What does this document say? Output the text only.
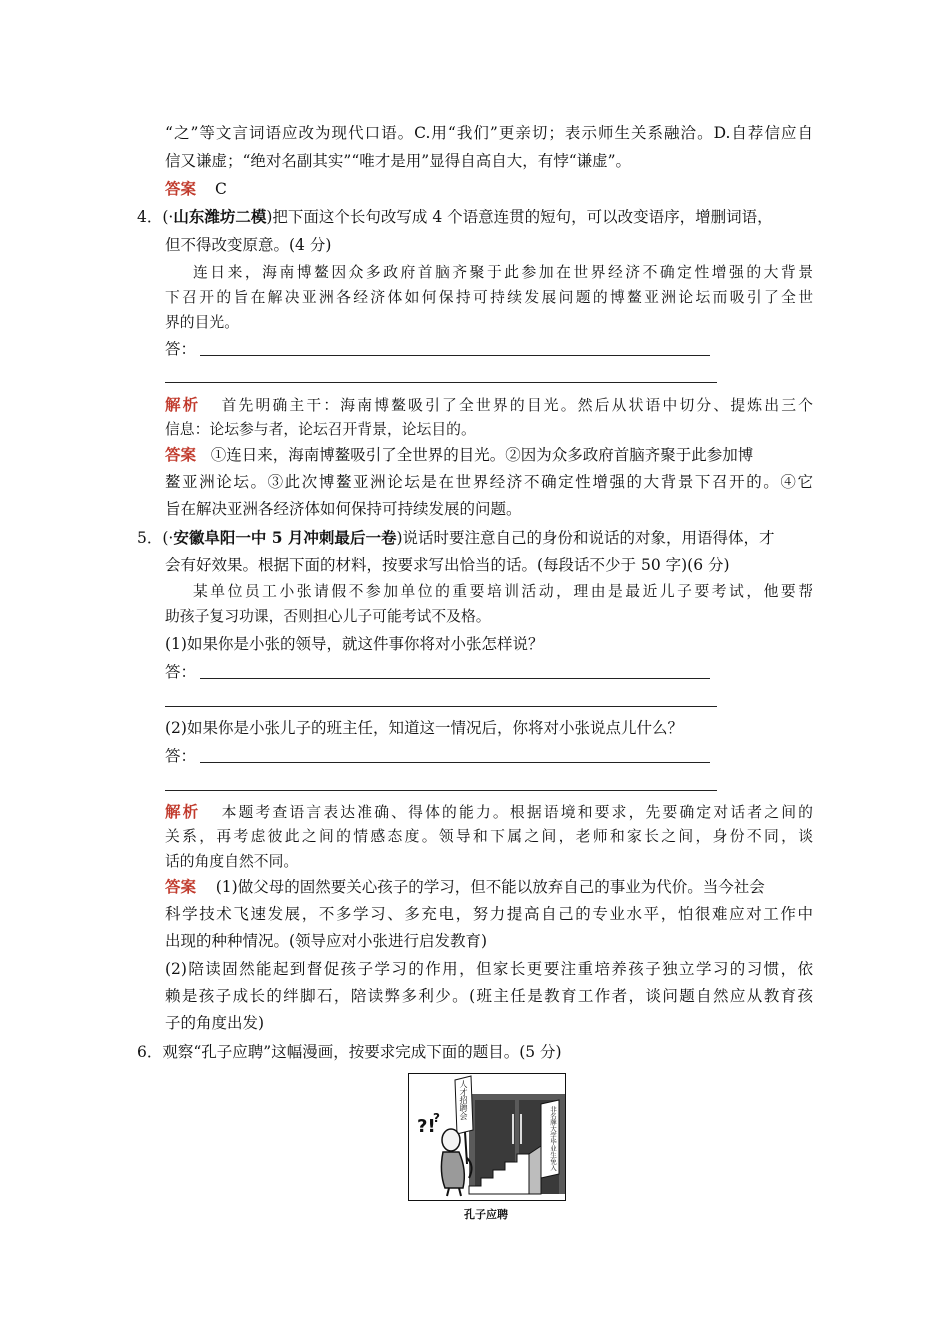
“之”等文言词语应改为现代口语。C.用“我们”更亲切；表示师生关系融洽。D.自荐信应自
信又谦虚；“绝对名副其实”“唯才是用”显得自高自大，有悖“谦虚”。
答案 C
4．(·山东潍坊二模)把下面这个长句改写成 4 个语意连贯的短句，可以改变语序，增删词语，
但不得改变原意。(4 分)
连日来，海南博鳌因众多政府首脑齐聚于此参加在世界经济不确定性增强的大背景
下召开的旨在解决亚洲各经济体如何保持可持续发展问题的博鳌亚洲论坛而吸引了全世
界的目光。
答：
解析 首先明确主干：海南博鳌吸引了全世界的目光。然后从状语中切分、提炼出三个
信息：论坛参与者，论坛召开背景，论坛目的。
答案 ①连日来，海南博鳌吸引了全世界的目光。②因为众多政府首脑齐聚于此参加博
鳌亚洲论坛。③此次博鳌亚洲论坛是在世界经济不确定性增强的大背景下召开的。④它
旨在解决亚洲各经济体如何保持可持续发展的问题。
5．(·安徽阜阳一中 5 月冲刺最后一卷)说话时要注意自己的身份和说话的对象，用语得体，才
会有好效果。根据下面的材料，按要求写出恰当的话。(每段话不少于 50 字)(6 分)
某单位员工小张请假不参加单位的重要培训活动，理由是最近儿子要考试，他要帮
助孩子复习功课，否则担心儿子可能考试不及格。
(1)如果你是小张的领导，就这件事你将对小张怎样说？
答：
(2)如果你是小张儿子的班主任，知道这一情况后，你将对小张说点儿什么？
答：
解析 本题考查语言表达准确、得体的能力。根据语境和要求，先要确定对话者之间的
关系，再考虑彼此之间的情感态度。领导和下属之间，老师和家长之间，身份不同，谈
话的角度自然不同。
答案 (1)做父母的固然要关心孩子的学习，但不能以放弃自己的事业为代价。当今社会
科学技术飞速发展，不多学习、多充电，努力提高自己的专业水平，怕很难应对工作中
出现的种种情况。(领导应对小张进行启发教育)
(2)陪读固然能起到督促孩子学习的作用，但家长更要注重培养孩子独立学习的习惯，依
赖是孩子成长的绊脚石，陪读弊多利少。(班主任是教育工作者，谈问题自然应从教育孩
子的角度出发)
6．观察“孔子应聘”这幅漫画，按要求完成下面的题目。(5 分)
?!
? 人才招聘会
非名牌大学毕业生免入
孔子应聘
